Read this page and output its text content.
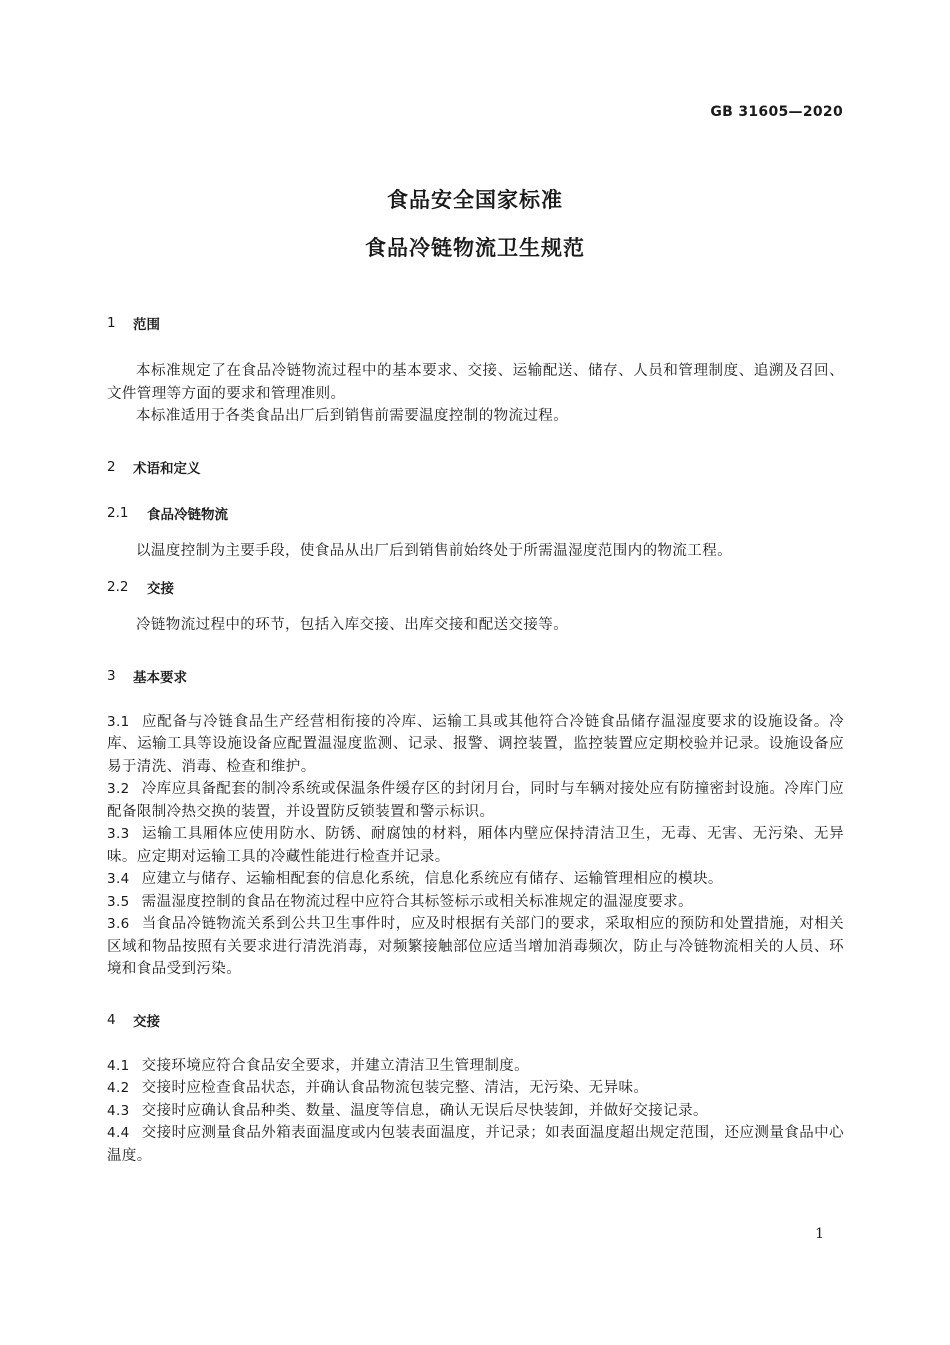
GB 31605—2020
食品安全国家标准
食品冷链物流卫生规范
1	范围

本标准规定了在食品冷链物流过程中的基本要求、交接、运输配送、储存、人员和管理制度、追溯及召回、文件管理等方面的要求和管理准则。

本标准适用于各类食品出厂后到销售前需要温度控制的物流过程。

2	术语和定义
2.1	食品冷链物流

以温度控制为主要手段，使食品从出厂后到销售前始终处于所需温湿度范围内的物流工程。

2.2	交接

冷链物流过程中的环节，包括入库交接、出库交接和配送交接等。

3	基本要求

3.1 应配备与冷链食品生产经营相衔接的冷库、运输工具或其他符合冷链食品储存温湿度要求的设施设备。冷库、运输工具等设施设备应配置温湿度监测、记录、报警、调控装置，监控装置应定期校验并记录。设施设备应易于清洗、消毒、检查和维护。

3.2 冷库应具备配套的制冷系统或保温条件缓存区的封闭月台，同时与车辆对接处应有防撞密封设施。冷库门应配备限制冷热交换的装置，并设置防反锁装置和警示标识。

3.3 运输工具厢体应使用防水、防锈、耐腐蚀的材料，厢体内壁应保持清洁卫生，无毒、无害、无污染、无异味。应定期对运输工具的冷藏性能进行检查并记录。

3.4 应建立与储存、运输相配套的信息化系统，信息化系统应有储存、运输管理相应的模块。

3.5 需温湿度控制的食品在物流过程中应符合其标签标示或相关标准规定的温湿度要求。

3.6 当食品冷链物流关系到公共卫生事件时，应及时根据有关部门的要求，采取相应的预防和处置措施，对相关区域和物品按照有关要求进行清洗消毒，对频繁接触部位应适当增加消毒频次，防止与冷链物流相关的人员、环境和食品受到污染。

4	交接

4.1 交接环境应符合食品安全要求，并建立清洁卫生管理制度。

4.2 交接时应检查食品状态，并确认食品物流包装完整、清洁，无污染、无异味。

4.3 交接时应确认食品种类、数量、温度等信息，确认无误后尽快装卸，并做好交接记录。

4.4 交接时应测量食品外箱表面温度或内包装表面温度，并记录；如表面温度超出规定范围，还应测量食品中心温度。

1
